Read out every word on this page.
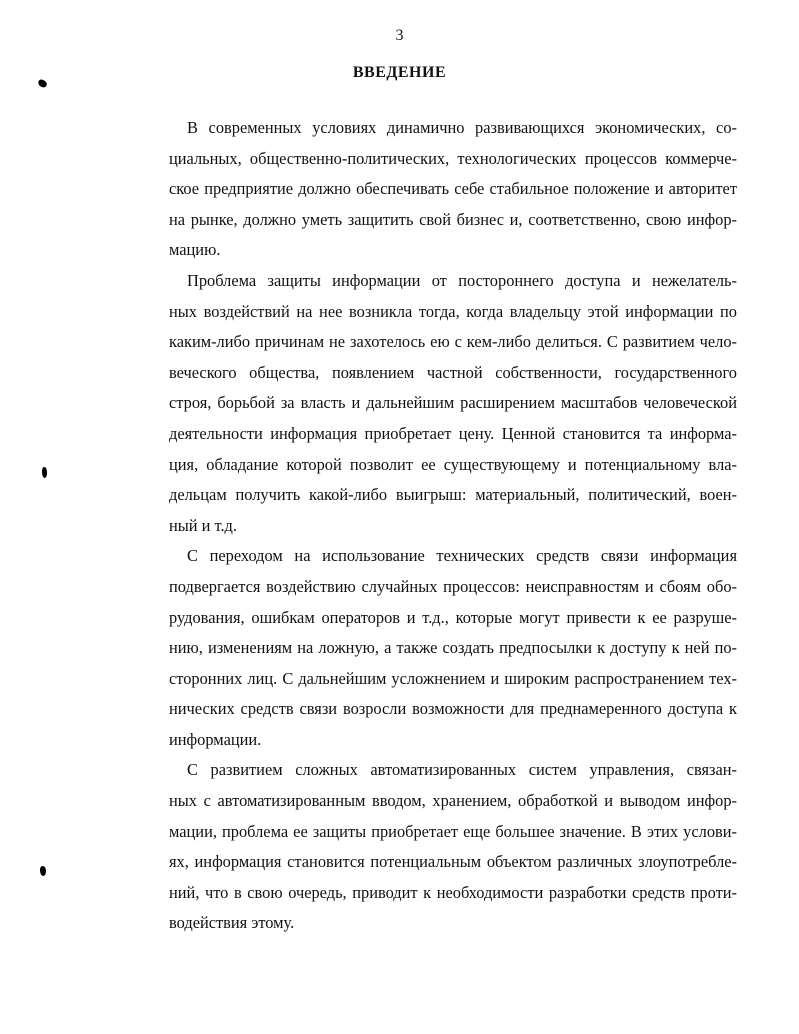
3
ВВЕДЕНИЕ

В современных условиях динамично развивающихся экономических, со-
циальных, общественно-политических, технологических процессов коммерче-
ское предприятие должно обеспечивать себе стабильное положение и авторитет
на рынке, должно уметь защитить свой бизнес и, соответственно, свою инфор-
мацию.

Проблема защиты информации от постороннего доступа и нежелатель-
ных воздействий на нее возникла тогда, когда владельцу этой информации по
каким-либо причинам не захотелось ею с кем-либо делиться. С развитием чело-
веческого общества, появлением частной собственности, государственного
строя, борьбой за власть и дальнейшим расширением масштабов человеческой
деятельности информация приобретает цену. Ценной становится та информа-
ция, обладание которой позволит ее существующему и потенциальному вла-
дельцам получить какой-либо выигрыш: материальный, политический, воен-
ный и т.д.

С переходом на использование технических средств связи информация
подвергается воздействию случайных процессов: неисправностям и сбоям обо-
рудования, ошибкам операторов и т.д., которые могут привести к ее разруше-
нию, изменениям на ложную, а также создать предпосылки к доступу к ней по-
сторонних лиц. С дальнейшим усложнением и широким распространением тех-
нических средств связи возросли возможности для преднамеренного доступа к
информации.

С развитием сложных автоматизированных систем управления, связан-
ных с автоматизированным вводом, хранением, обработкой и выводом инфор-
мации, проблема ее защиты приобретает еще большее значение. В этих услови-
ях, информация становится потенциальным объектом различных злоупотребле-
ний, что в свою очередь, приводит к необходимости разработки средств проти-
водействия этому.
